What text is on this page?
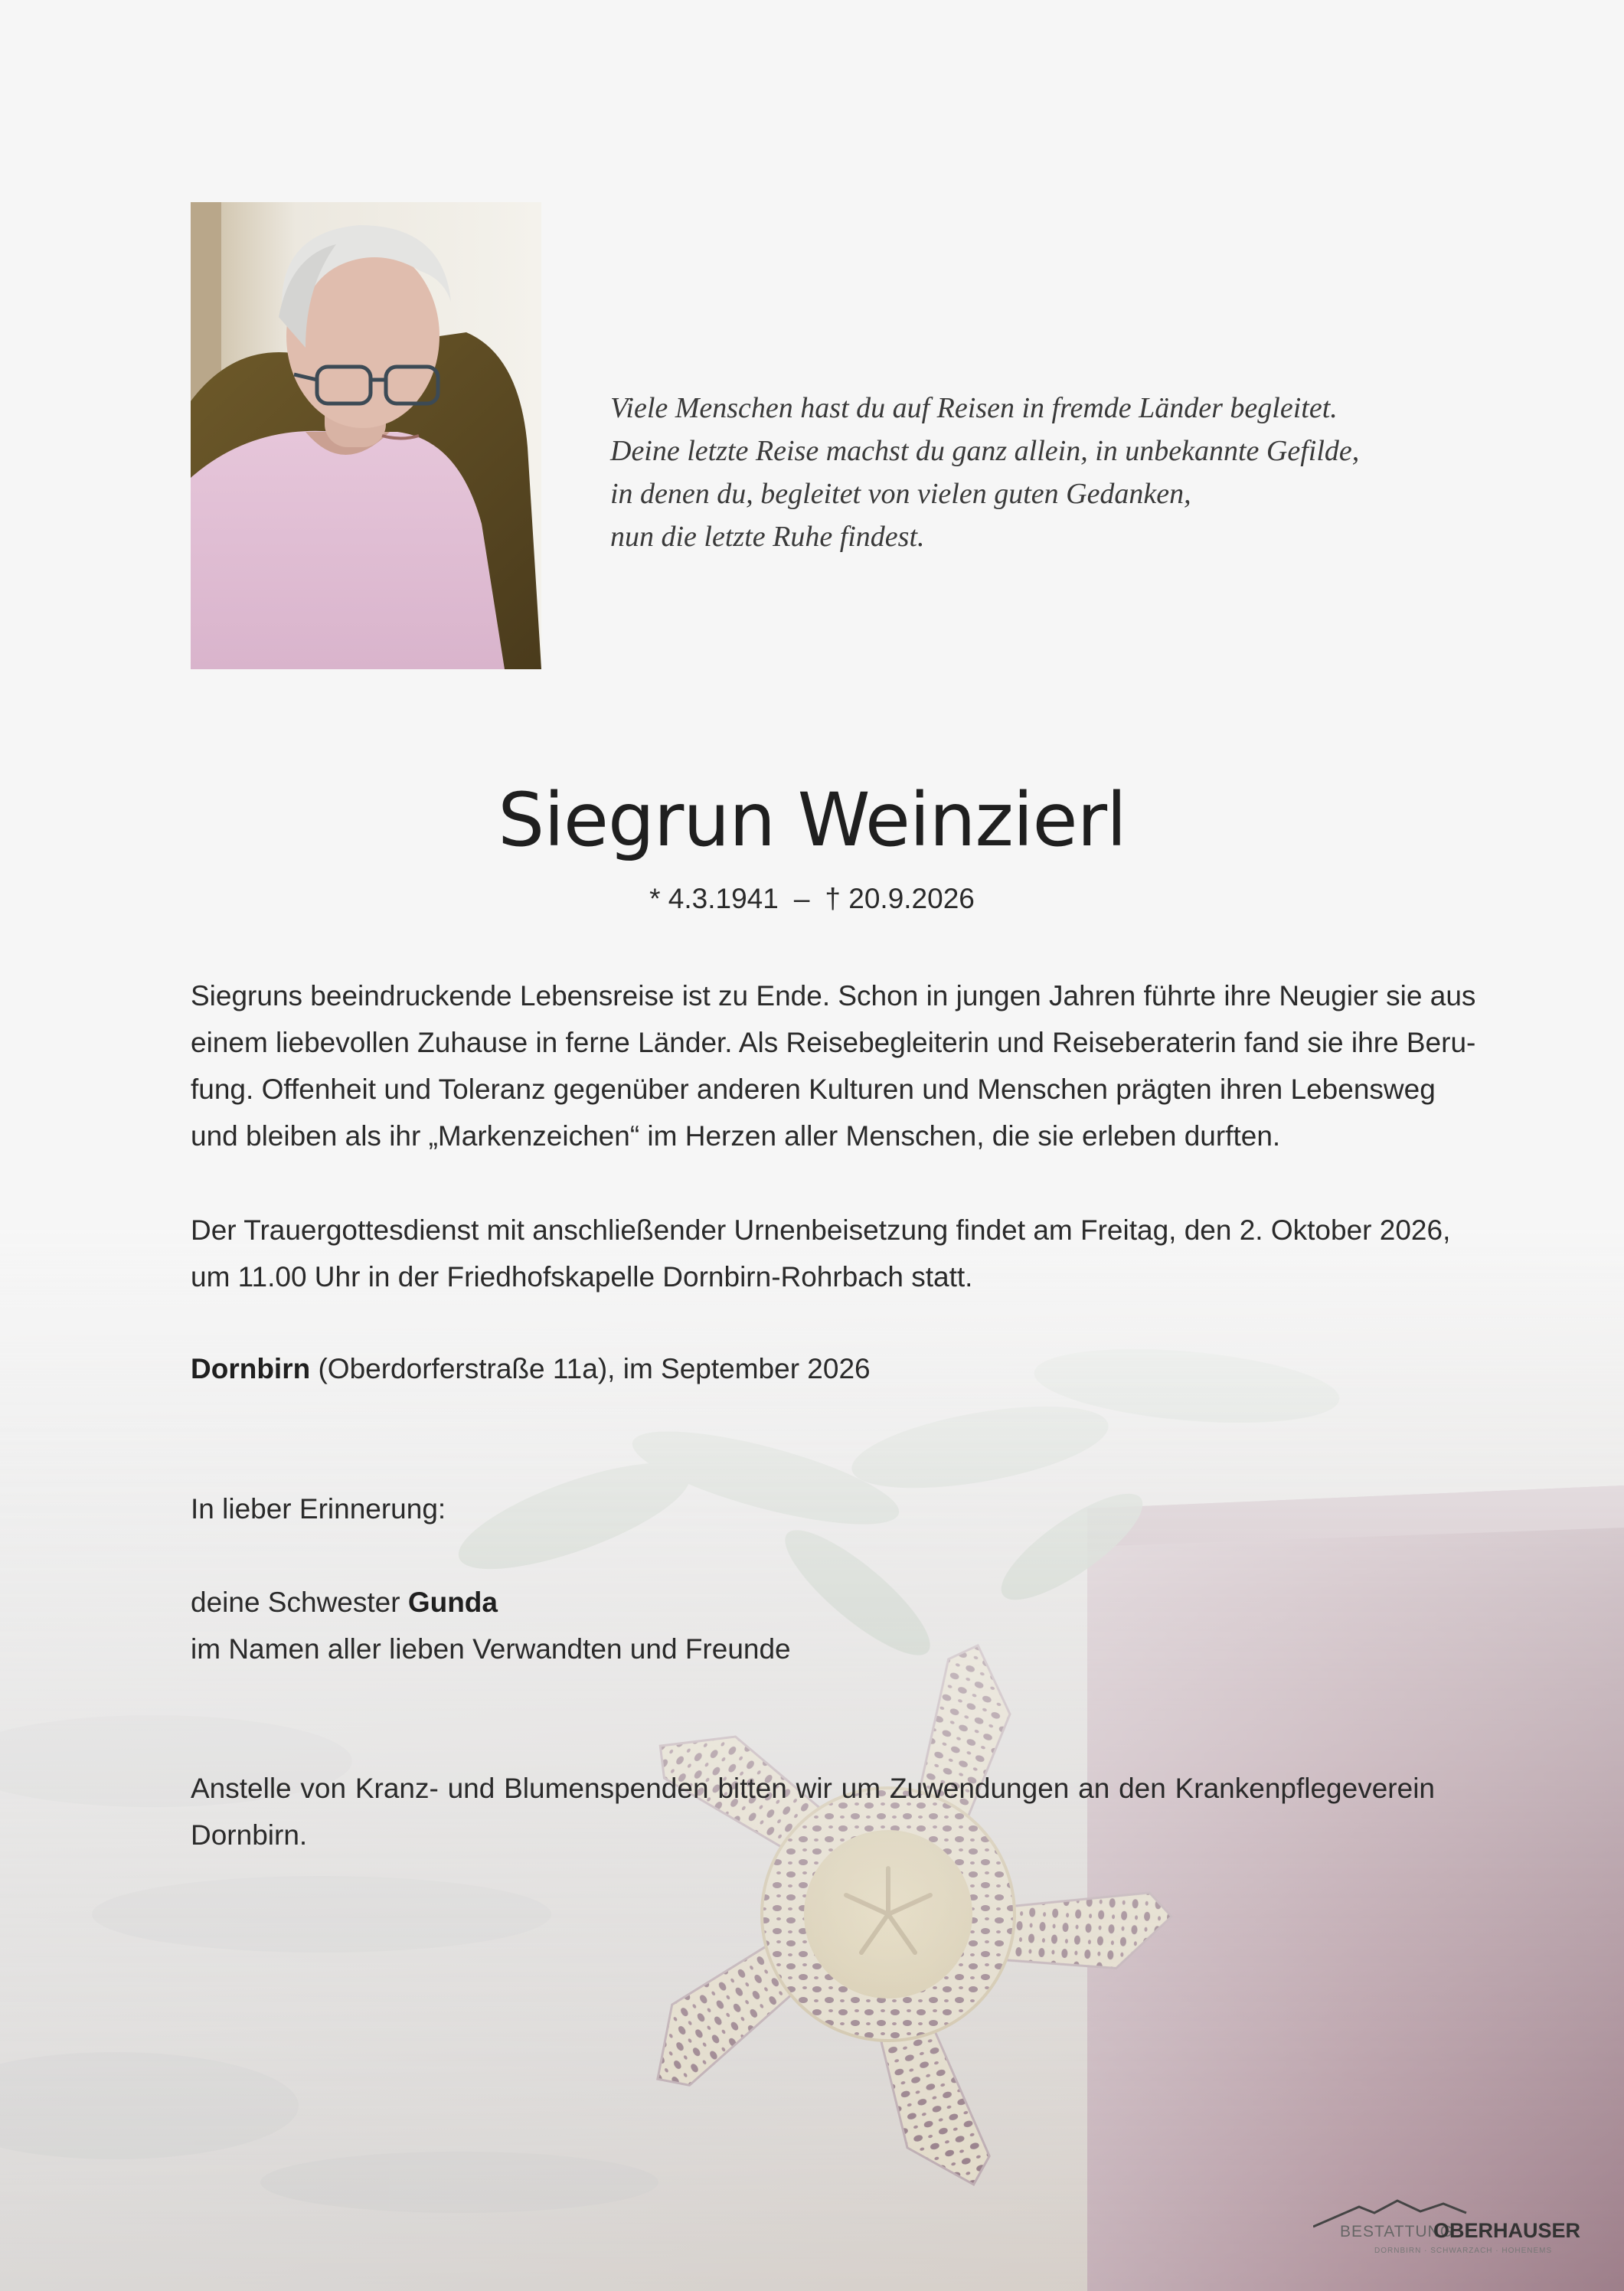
Viele Menschen hast du auf Reisen in fremde Länder begleitet.
Deine letzte Reise machst du ganz allein, in unbekannte Gefilde,
in denen du, begleitet von vielen guten Gedanken,
nun die letzte Ruhe findest.
Siegrun Weinzierl
* 4.3.1941 – † 20.9.2026
Siegruns beeindruckende Lebensreise ist zu Ende. Schon in jungen Jahren führte ihre Neugier sie aus
einem liebevollen Zuhause in ferne Länder. Als Reisebegleiterin und Reiseberaterin fand sie ihre Beru-
fung. Offenheit und Toleranz gegenüber anderen Kulturen und Menschen prägten ihren Lebensweg
und bleiben als ihr „Markenzeichen“ im Herzen aller Menschen, die sie erleben durften.
Der Trauergottesdienst mit anschließender Urnenbeisetzung findet am Freitag, den 2. Oktober 2026,
um 11.00 Uhr in der Friedhofskapelle Dornbirn-Rohrbach statt.
Dornbirn (Oberdorferstraße 11a), im September 2026
In lieber Erinnerung:
deine Schwester Gunda
im Namen aller lieben Verwandten und Freunde
Anstelle von Kranz- und Blumenspenden bitten wir um Zuwendungen an den Krankenpflegeverein
Dornbirn.
BESTATTUNG
OBERHAUSER
DORNBIRN · SCHWARZACH · HOHENEMS
